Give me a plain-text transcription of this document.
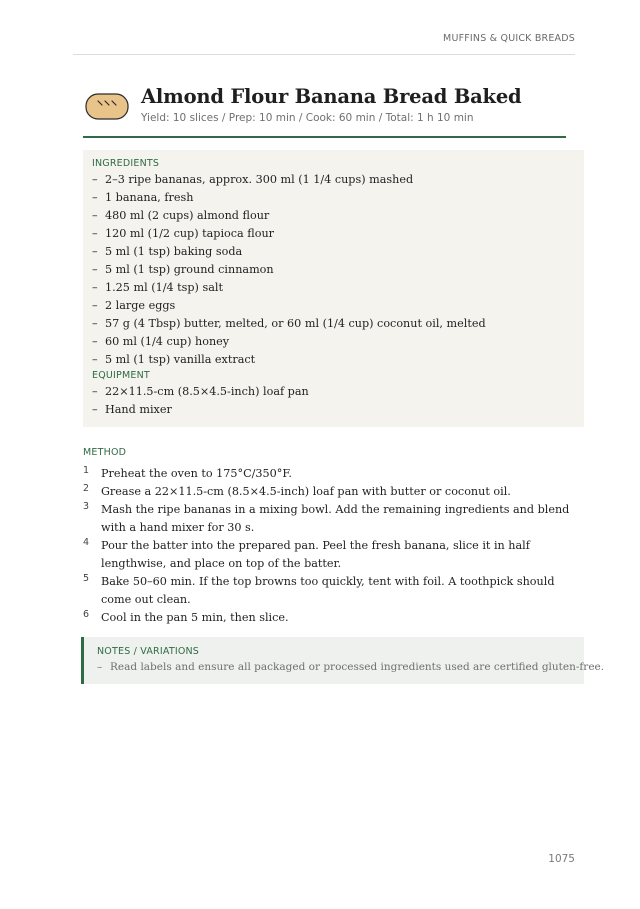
MUFFINS & QUICK BREADS
Almond Flour Banana Bread Baked
Yield: 10 slices / Prep: 10 min / Cook: 60 min / Total: 1 h 10 min
INGREDIENTS
– 2–3 ripe bananas, approx. 300 ml (1 1/4 cups) mashed
– 1 banana, fresh
– 480 ml (2 cups) almond flour
– 120 ml (1/2 cup) tapioca flour
– 5 ml (1 tsp) baking soda
– 5 ml (1 tsp) ground cinnamon
– 1.25 ml (1/4 tsp) salt
– 2 large eggs
– 57 g (4 Tbsp) butter, melted, or 60 ml (1/4 cup) coconut oil, melted
– 60 ml (1/4 cup) honey
– 5 ml (1 tsp) vanilla extract
EQUIPMENT
– 22×11.5-cm (8.5×4.5-inch) loaf pan
– Hand mixer
METHOD
1 Preheat the oven to 175°C/350°F.
2 Grease a 22×11.5-cm (8.5×4.5-inch) loaf pan with butter or coconut oil.
3 Mash the ripe bananas in a mixing bowl. Add the remaining ingredients and blend with a hand mixer for 30 s.
4 Pour the batter into the prepared pan. Peel the fresh banana, slice it in half lengthwise, and place on top of the batter.
5 Bake 50–60 min. If the top browns too quickly, tent with foil. A toothpick should come out clean.
6 Cool in the pan 5 min, then slice.
NOTES / VARIATIONS
– Read labels and ensure all packaged or processed ingredients used are certified gluten-free.
1075
